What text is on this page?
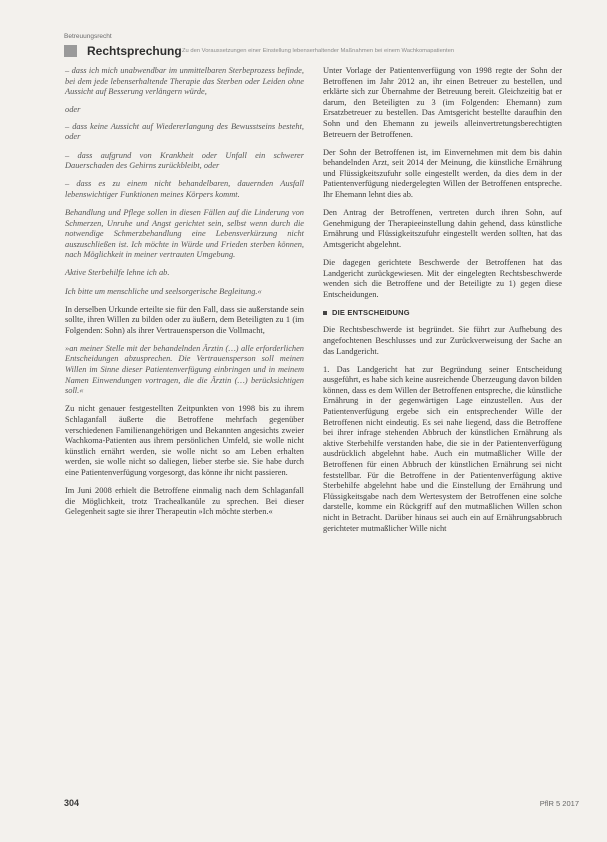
Betreuungsrecht
Rechtsprechung Zu den Voraussetzungen einer Einstellung lebenserhaltender Maßnahmen bei einem Wachkomapatienten

– dass ich mich unabwendbar im unmittelbaren Sterbeprozess befinde, bei dem jede lebenserhaltende Therapie das Sterben oder Leiden ohne Aussicht auf Besserung verlängern würde,

oder

– dass keine Aussicht auf Wiedererlangung des Bewusstseins besteht, oder

– dass aufgrund von Krankheit oder Unfall ein schwerer Dauerschaden des Gehirns zurückbleibt, oder

– dass es zu einem nicht behandelbaren, dauernden Ausfall lebenswichtiger Funktionen meines Körpers kommt.

Behandlung und Pflege sollen in diesen Fällen auf die Linderung von Schmerzen, Unruhe und Angst gerichtet sein, selbst wenn durch die notwendige Schmerzbehandlung eine Lebensverkürzung nicht auszuschließen ist. Ich möchte in Würde und Frieden sterben können, nach Möglichkeit in meiner vertrauten Umgebung.

Aktive Sterbehilfe lehne ich ab.

Ich bitte um menschliche und seelsorgerische Begleitung.«

In derselben Urkunde erteilte sie für den Fall, dass sie außerstande sein sollte, ihren Willen zu bilden oder zu äußern, dem Beteiligten zu 1 (im Folgenden: Sohn) als ihrer Vertrauensperson die Vollmacht,

»an meiner Stelle mit der behandelnden Ärztin (…) alle erforderlichen Entscheidungen abzusprechen. Die Vertrauensperson soll meinen Willen im Sinne dieser Patientenverfügung einbringen und in meinem Namen Einwendungen vortragen, die die Ärztin (…) berücksichtigen soll.«

Zu nicht genauer festgestellten Zeitpunkten von 1998 bis zu ihrem Schlaganfall äußerte die Betroffene mehrfach gegenüber verschiedenen Familienangehörigen und Bekannten angesichts zweier Wachkoma-Patienten aus ihrem persönlichen Umfeld, sie wolle nicht künstlich ernährt werden, sie wolle nicht so am Leben erhalten werden, sie wolle nicht so daliegen, lieber sterbe sie. Sie habe durch eine Patientenverfügung vorgesorgt, das könne ihr nicht passieren.

Im Juni 2008 erhielt die Betroffene einmalig nach dem Schlaganfall die Möglichkeit, trotz Trachealkanüle zu sprechen. Bei dieser Gelegenheit sagte sie ihrer Therapeutin »Ich möchte sterben.«

Unter Vorlage der Patientenverfügung von 1998 regte der Sohn der Betroffenen im Jahr 2012 an, ihr einen Betreuer zu bestellen, und erklärte sich zur Übernahme der Betreuung bereit. Gleichzeitig bat er darum, den Beteiligten zu 3 (im Folgenden: Ehemann) zum Ersatzbetreuer zu bestellen. Das Amtsgericht bestellte daraufhin den Sohn und den Ehemann zu jeweils alleinvertretungsberechtigten Betreuern der Betroffenen.

Der Sohn der Betroffenen ist, im Einvernehmen mit dem bis dahin behandelnden Arzt, seit 2014 der Meinung, die künstliche Ernährung und Flüssigkeitszufuhr solle eingestellt werden, da dies dem in der Patientenverfügung niedergelegten Willen der Betroffenen entspreche. Ihr Ehemann lehnt dies ab.

Den Antrag der Betroffenen, vertreten durch ihren Sohn, auf Genehmigung der Therapieeinstellung dahin gehend, dass künstliche Ernährung und Flüssigkeitszufuhr eingestellt werden sollten, hat das Amtsgericht abgelehnt.

Die dagegen gerichtete Beschwerde der Betroffenen hat das Landgericht zurückgewiesen. Mit der eingelegten Rechtsbeschwerde wenden sich die Betroffene und der Beteiligte zu 1) gegen diese Entscheidungen.

DIE ENTSCHEIDUNG

Die Rechtsbeschwerde ist begründet. Sie führt zur Aufhebung des angefochtenen Beschlusses und zur Zurückverweisung der Sache an das Landgericht.

1. Das Landgericht hat zur Begründung seiner Entscheidung ausgeführt, es habe sich keine ausreichende Überzeugung davon bilden können, dass es dem Willen der Betroffenen entspreche, die künstliche Ernährung in der gegenwärtigen Lage einzustellen. Aus der Patientenverfügung ergebe sich ein entsprechender Wille der Betroffenen nicht eindeutig. Es sei nahe liegend, dass die Betroffene bei ihrer infrage stehenden Abbruch der künstlichen Ernährung als aktive Sterbehilfe verstanden habe, die sie in der Patientenverfügung ausdrücklich abgelehnt habe. Auch ein mutmaßlicher Wille der Betroffenen für einen Abbruch der künstlichen Ernährung sei nicht feststellbar. Für die Betroffene in der Patientenverfügung aktive Sterbehilfe abgelehnt habe und die Einstellung der Ernährung und Flüssigkeitsgabe nach dem Wertesystem der Betroffenen eine solche darstelle, komme ein Rückgriff auf den mutmaßlichen Willen schon nicht in Betracht. Darüber hinaus sei auch ein auf Ernährungsabbruch gerichteter mutmaßlicher Wille nicht

304	PflR 5 2017
